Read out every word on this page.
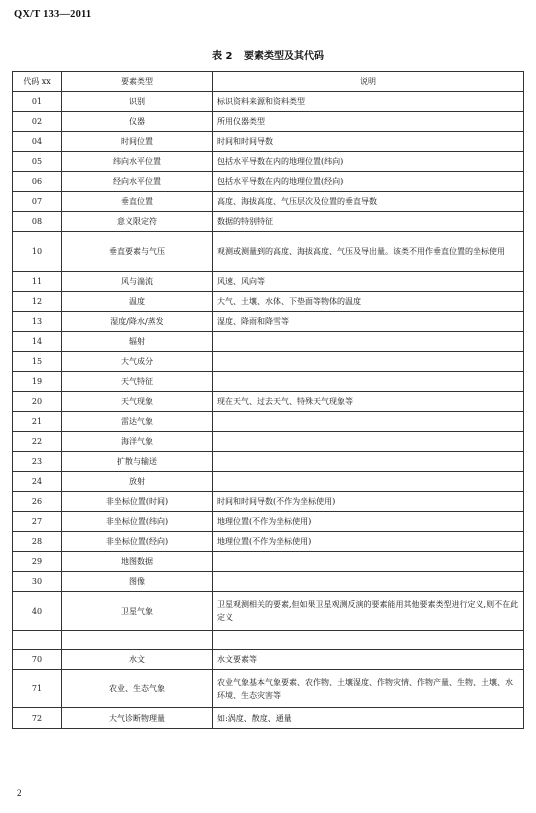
QX/T 133—2011
表 2 要素类型及其代码
代码 xx	要素类型	说明
01	识别	标识资料来源和资料类型
02	仪器	所用仪器类型
04	时间位置	时间和时间导数
05	纬向水平位置	包括水平导数在内的地理位置(纬向)
06	经向水平位置	包括水平导数在内的地理位置(经向)
07	垂直位置	高度、海拔高度、气压层次及位置的垂直导数
08	意义限定符	数据的特别特征
10	垂直要素与气压	观测或测量到的高度、海拔高度、气压及导出量。该类不用作垂直位置的坐标使用
11	风与湍流	风速、风向等
12	温度	大气、土壤、水体、下垫面等物体的温度
13	湿度/降水/蒸发	湿度、降雨和降雪等
14	辐射	
15	大气成分	
19	天气特征	
20	天气现象	现在天气、过去天气、特殊天气现象等
21	雷达气象	
22	海洋气象	
23	扩散与输送	
24	放射	
26	非坐标位置(时间)	时间和时间导数(不作为坐标使用)
27	非坐标位置(纬向)	地理位置(不作为坐标使用)
28	非坐标位置(经向)	地理位置(不作为坐标使用)
29	地图数据	
30	图像	
40	卫星气象	卫星观测相关的要素,但如果卫星观测反演的要素能用其他要素类型进行定义,则不在此定义

70	水文	水文要素等
71	农业、生态气象	农业气象基本气象要素、农作物、土壤湿度、作物灾情、作物产量、生物、土壤、水环境、生态灾害等
72	大气诊断物理量	如:涡度、散度、通量
2
